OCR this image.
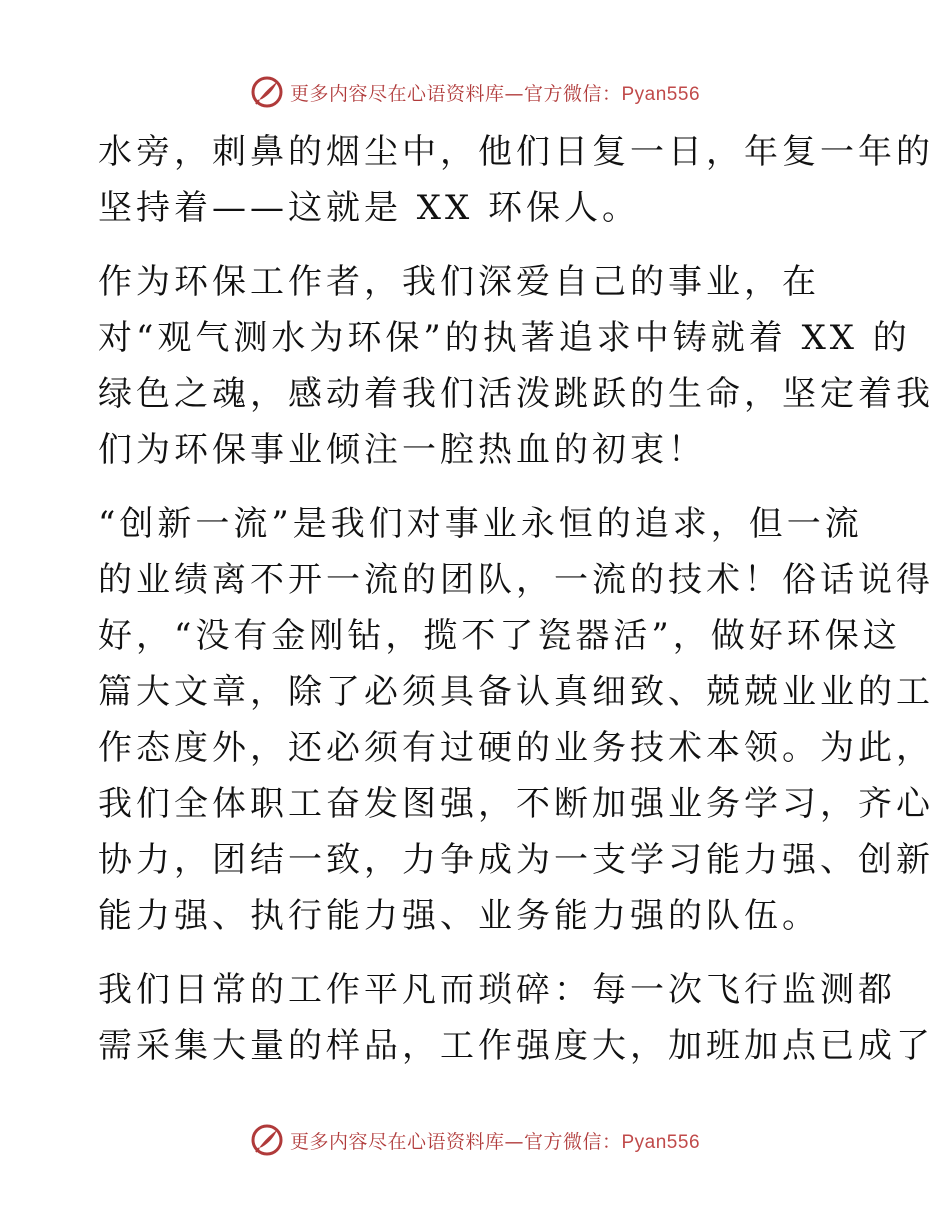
更多内容尽在心语资料库—官方微信：Pyan556
水旁，刺鼻的烟尘中，他们日复一日，年复一年的
坚持着——这就是 XX 环保人。
作为环保工作者，我们深爱自己的事业，在
对“观气测水为环保”的执著追求中铸就着 XX 的
绿色之魂，感动着我们活泼跳跃的生命，坚定着我
们为环保事业倾注一腔热血的初衷！
“创新一流”是我们对事业永恒的追求，但一流
的业绩离不开一流的团队，一流的技术！俗话说得
好，“没有金刚钻，揽不了瓷器活”，做好环保这
篇大文章，除了必须具备认真细致、兢兢业业的工
作态度外，还必须有过硬的业务技术本领。为此，
我们全体职工奋发图强，不断加强业务学习，齐心
协力，团结一致，力争成为一支学习能力强、创新
能力强、执行能力强、业务能力强的队伍。
我们日常的工作平凡而琐碎：每一次飞行监测都
需采集大量的样品，工作强度大，加班加点已成了
更多内容尽在心语资料库—官方微信：Pyan556
